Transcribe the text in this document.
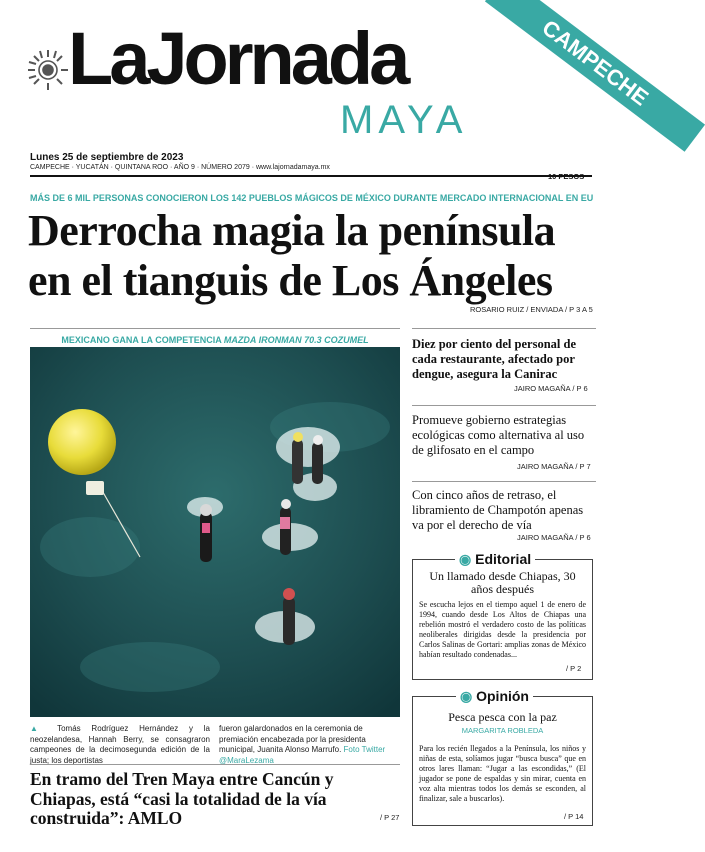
LaJornada
MAYA
CAMPECHE
Lunes 25 de septiembre de 2023
CAMPECHE · YUCATÁN · QUINTANA ROO · AÑO 9 · NÚMERO 2079 · www.lajornadamaya.mx
10 PESOS
MÁS DE 6 MIL PERSONAS CONOCIERON LOS 142 PUEBLOS MÁGICOS DE MÉXICO DURANTE MERCADO INTERNACIONAL EN EU
Derrocha magia la península
en el tianguis de Los Ángeles
ROSARIO RUIZ / ENVIADA / P 3 A 5
MEXICANO GANA LA COMPETENCIA MAZDA IRONMAN 70.3 COZUMEL
▲ Tomás Rodríguez Hernández y la neozelandesa, Hannah Berry, se consagraron campeones de la decimosegunda edición de la justa; los deportistas
fueron galardonados en la ceremonia de premiación encabezada por la presidenta municipal, Juanita Alonso Marrufo. Foto Twitter @MaraLezama
En tramo del Tren Maya entre Cancún y Chiapas, está “casi la totalidad de la vía construida”: AMLO	/ P 27
Diez por ciento del personal de cada restaurante, afectado por dengue, asegura la Canirac
JAIRO MAGAÑA / P 6
Promueve gobierno estrategias ecológicas como alternativa al uso de glifosato en el campo
JAIRO MAGAÑA / P 7
Con cinco años de retraso, el libramiento de Champotón apenas va por el derecho de vía
JAIRO MAGAÑA / P 6
◉ Editorial
Un llamado desde Chiapas, 30 años después
Se escucha lejos en el tiempo aquel 1 de enero de 1994, cuando desde Los Altos de Chiapas una rebelión mostró el verdadero costo de las políticas neoliberales dirigidas desde la presidencia por Carlos Salinas de Gortari: amplias zonas de México habían resultado condenadas...
/ P 2
◉ Opinión
Pesca pesca con la paz
MARGARITA ROBLEDA
Para los recién llegados a la Península, los niños y niñas de esta, solíamos jugar “busca busca” que en otros lares llaman: “Jugar a las escondidas,” (El jugador se pone de espaldas y sin mirar, cuenta en voz alta mientras todos los demás se esconden, al finalizar, sale a buscarlos).
/ P 14
